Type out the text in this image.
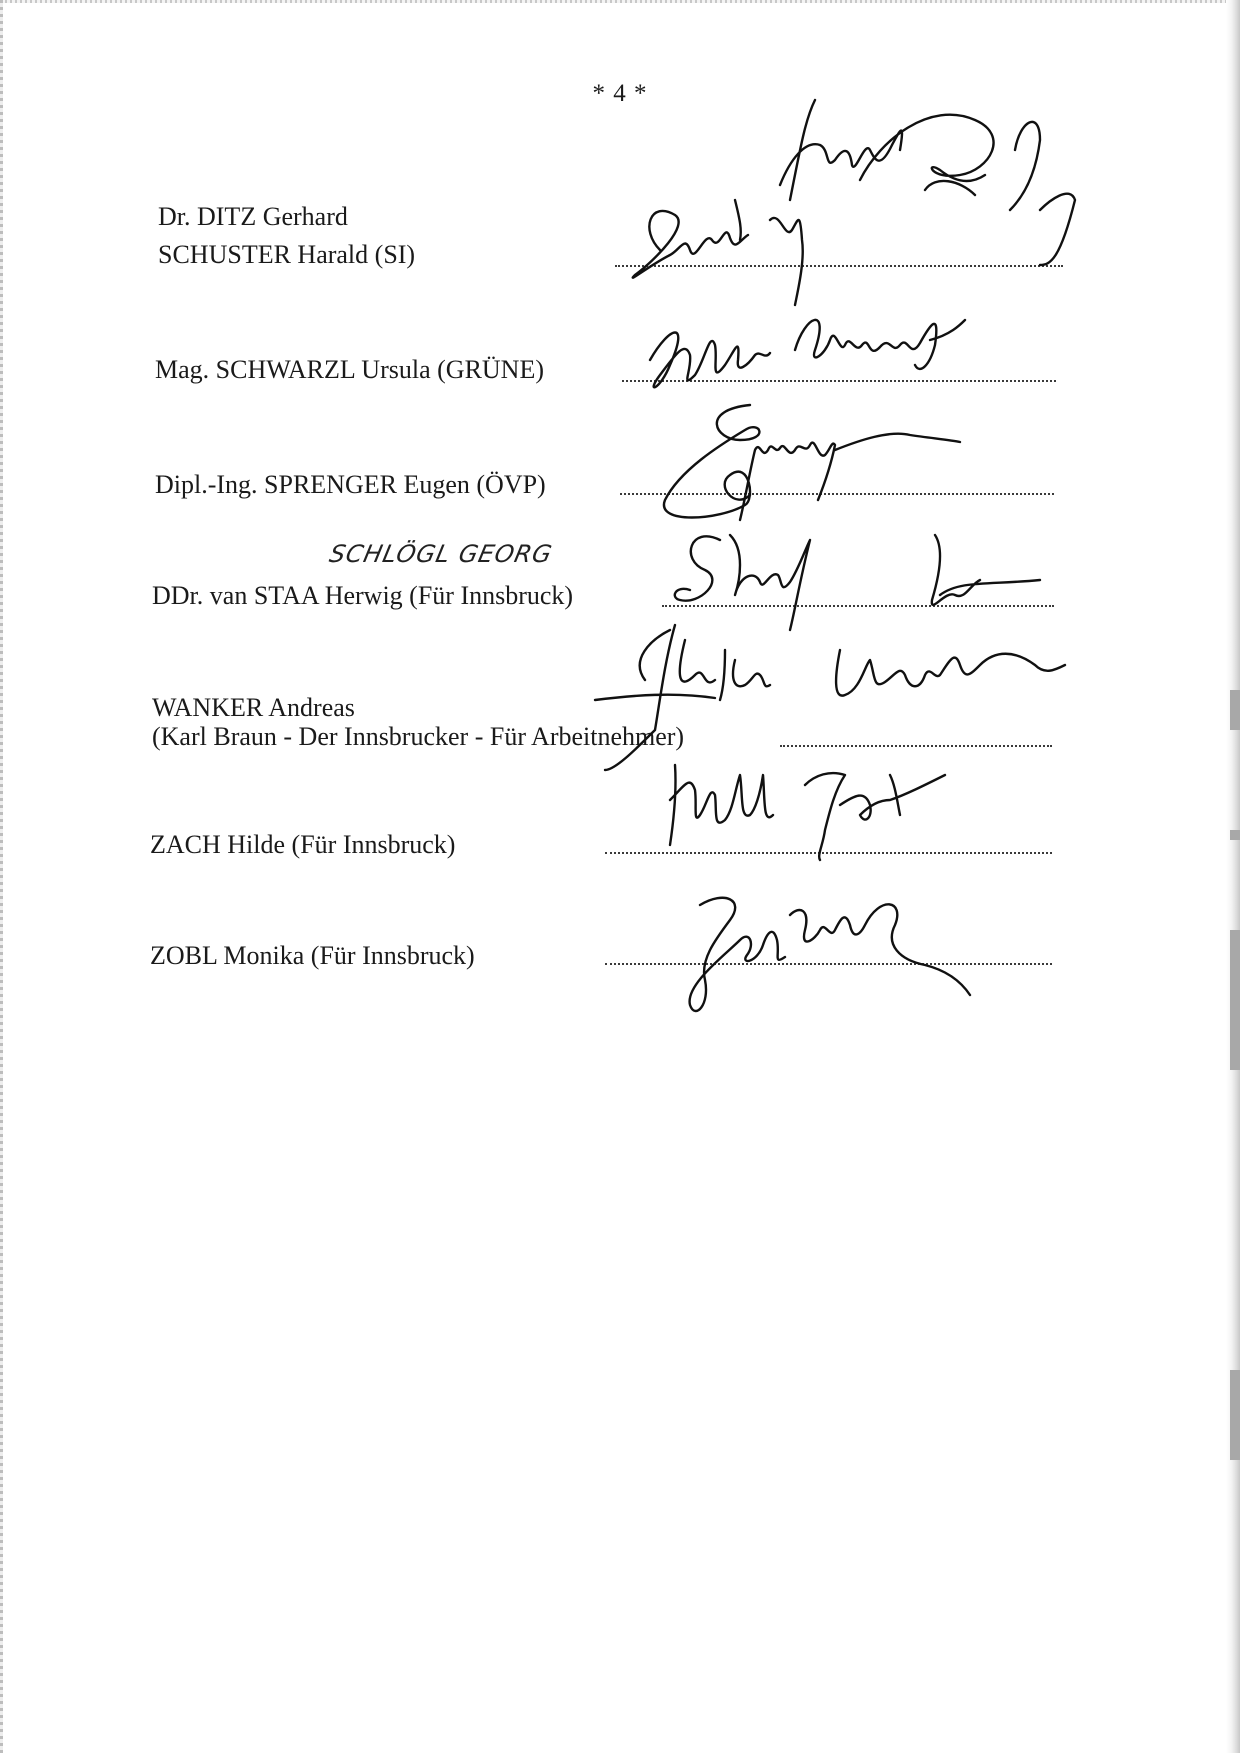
* 4 *
Dr. DITZ Gerhard
SCHUSTER Harald (SI)
Mag. SCHWARZL Ursula (GRÜNE)
Dipl.-Ing. SPRENGER Eugen (ÖVP)
SCHLÖGL GEORG
DDr. van STAA Herwig (Für Innsbruck)
WANKER Andreas
(Karl Braun - Der Innsbrucker - Für Arbeitnehmer)
ZACH Hilde (Für Innsbruck)
ZOBL Monika (Für Innsbruck)
